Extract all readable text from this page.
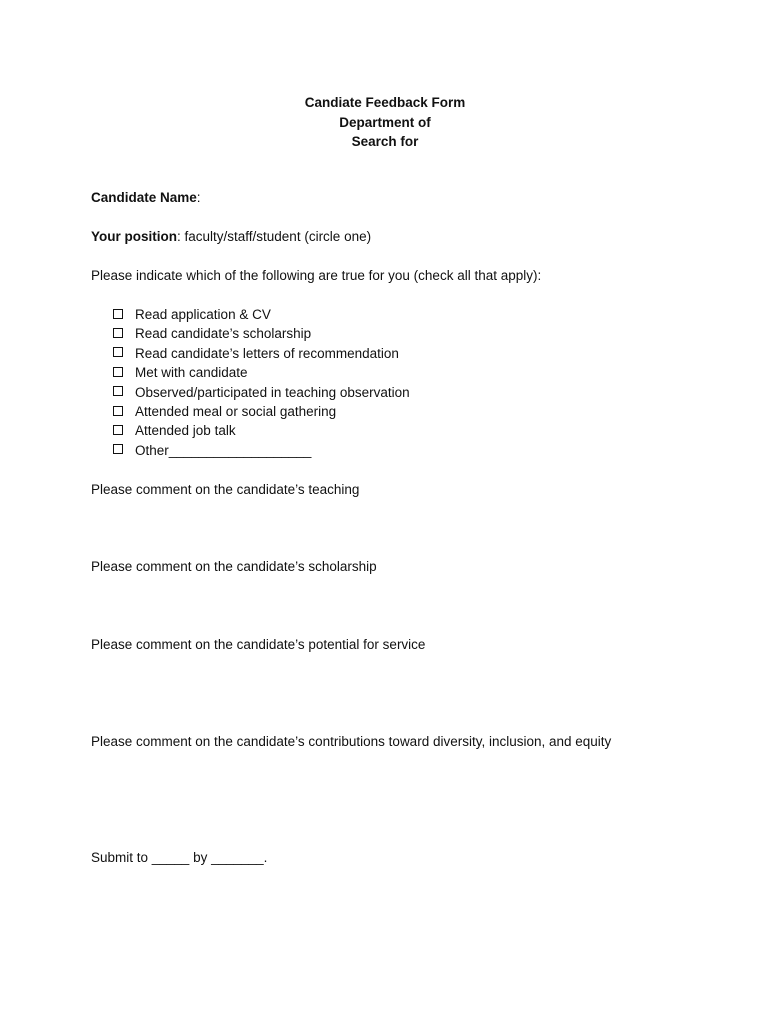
Candiate Feedback Form
Department of
Search for
Candidate Name:
Your position: faculty/staff/student (circle one)
Please indicate which of the following are true for you (check all that apply):
Read application & CV
Read candidate’s scholarship
Read candidate’s letters of recommendation
Met with candidate
Observed/participated in teaching observation
Attended meal or social gathering
Attended job talk
Other___________________
Please comment on the candidate’s teaching
Please comment on the candidate’s scholarship
Please comment on the candidate’s potential for service
Please comment on the candidate’s contributions toward diversity, inclusion, and equity
Submit to _____ by _______.
